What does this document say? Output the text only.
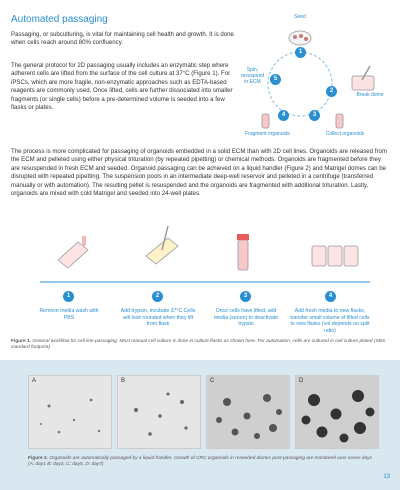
Automated passaging
Passaging, or subculturing, is vital for maintaining cell health and growth. It is done when cells reach around 80% confluency.
The general protocol for 2D passaging usually includes an enzymatic step where adherent cells are lifted from the surface of the cell culture at 37°C (Figure 1). For iPSCs, which are more fragile, non-enzymatic approaches such as EDTA-based reagents are commonly used. Once lifted, cells are further dissociated into smaller fragments (or single cells) before a pre-determined volume is seeded into a few flasks or plates.
Seed
Break dome
Collect organoids
Fragment organoids
Spin, resuspend in ECM
1
2
3
4
5
The process is more complicated for passaging of organoids embedded in a solid ECM than with 2D cell lines. Organoids are released from the ECM and pelleted using either physical trituration (by repeated pipetting) or chemical methods. Organoids are fragmented before they are resuspended in fresh ECM and seeded. Organoid passaging can be achieved on a liquid handler (Figure 2) and Matrigel domes can be disrupted with repeated pipetting. The suspension pools in an intermediate deep-well reservoir and pelleted in a centrifuge (transferred manually or with automation). The resulting pellet is resuspended and the organoids are fragmented with additional trituration. Lastly, organoids are mixed with cold Matrigel and seeded into 24-well plates.
1	2	3	4
Remove media wash with PBS
Add trypsin, incubate 37°C Cells will look rounded when they lift from flask
Once cells have lifted, add media (serum) to deactivate trypsin
Add fresh media to new flasks, transfer small volume of lifted cells to new flasks (vol depends on split ratio)
Figure 1. General workflow for cell line passaging. Most manual cell culture is done in culture flasks as shown here. For automation, cells are cultured in cell culture plated (SBS standard footprint)
A	B	C	D
Figure 2. Organoids are automatically passaged by a liquid handler. Growth of CRC organoids in reseeded domes post-passaging are monitored over seven days (A: day1 B: day3, C: day5, D: day7)
13
